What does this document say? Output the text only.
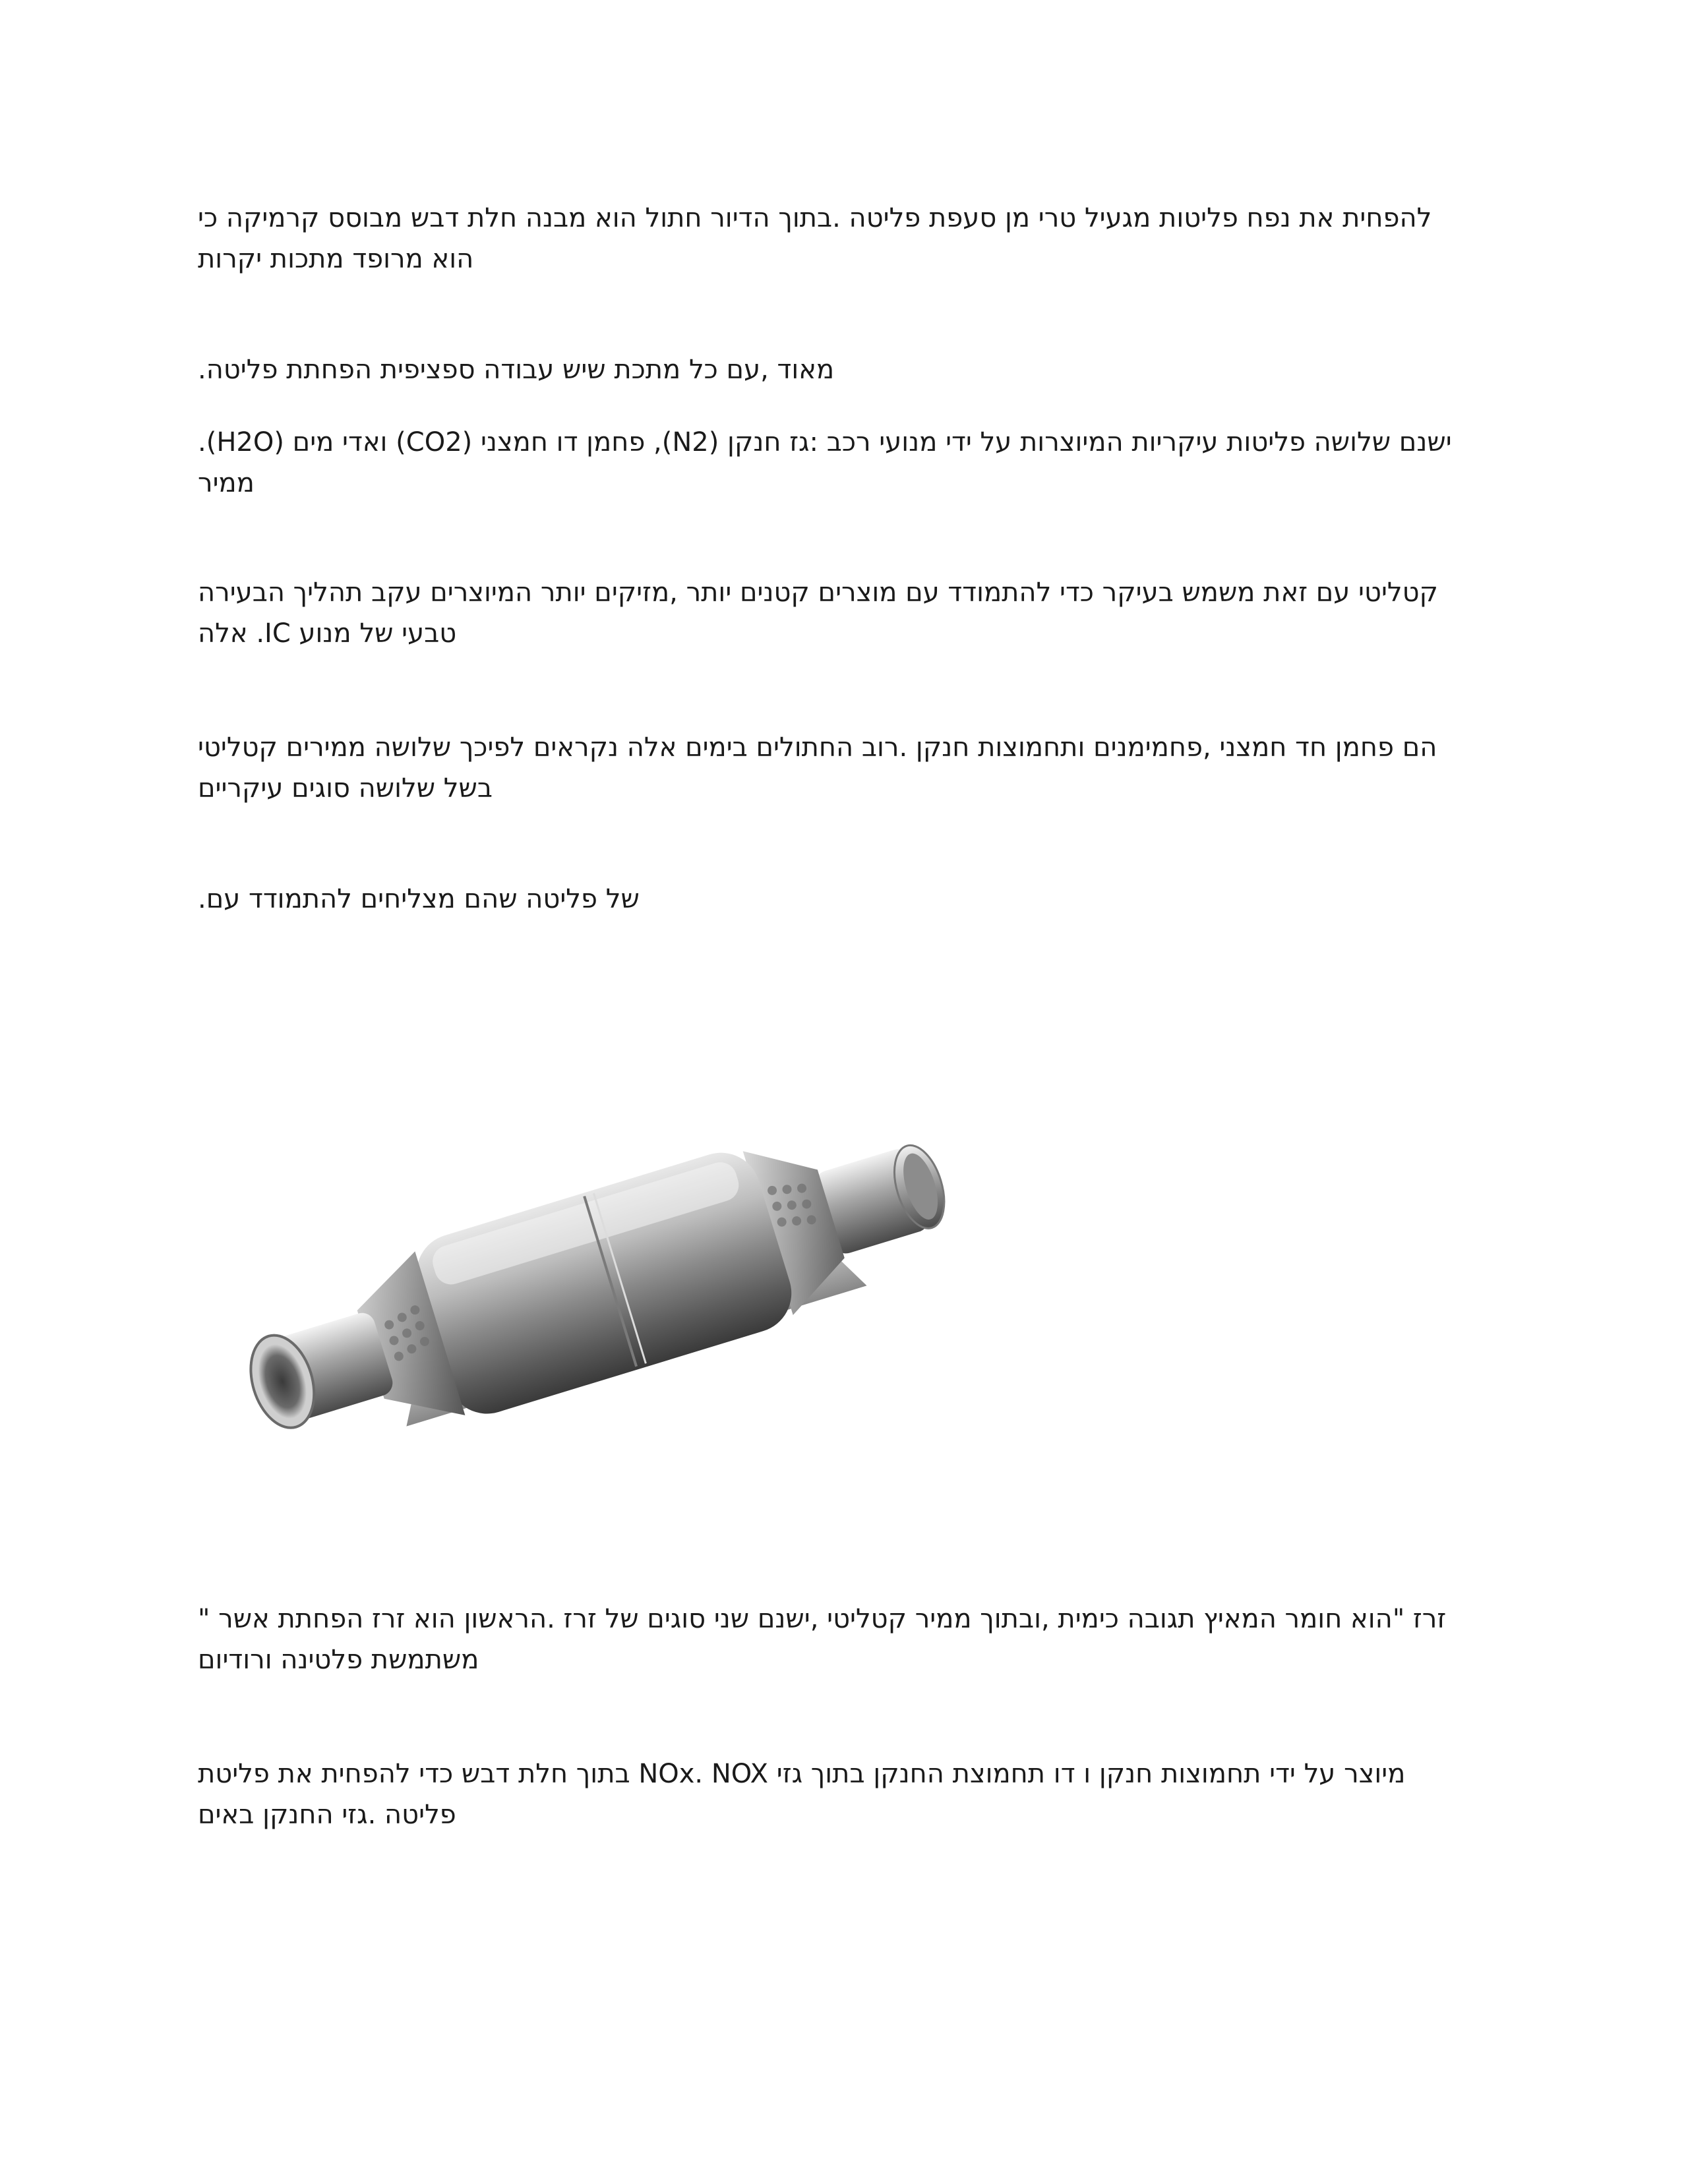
להפחית את נפח פליטות מגעיל טרי מן סעפת פליטה .בתוך הדיור חתול הוא מבנה חלת דבש מבוסס קרמיקה כי
הוא מרופד מתכות יקרות

מאוד ,עם כל מתכת שיש עבודה ספציפית הפחתת פליטה.

ישנם שלושה פליטות עיקריות המיוצרות על ידי מנועי רכב :גז חנקן (N2), פחמן דו חמצני (CO2) ואדי מים (H2O).
ממיר

קטליטי עם זאת משמש בעיקר כדי להתמודד עם מוצרים קטנים יותר ,מזיקים יותר המיוצרים עקב תהליך הבעירה
טבעי של מנוע IC. אלה

הם פחמן חד חמצני ,פחמימנים ותחמוצות חנקן .רוב החתולים בימים אלה נקראים לפיכך שלושה ממירים קטליטי
בשל שלושה סוגים עיקריים

של פליטה שהם מצליחים להתמודד עם.

זרז "הוא חומר המאיץ תגובה כימית ,ובתוך ממיר קטליטי ,ישנם שני סוגים של זרז .הראשון הוא זרז הפחתת אשר "
משתמשת פלטינה ורודיום

מיוצר על ידי תחמוצות חנקן ו דו תחמוצת החנקן בתוך גזי NOx. NOX בתוך חלת דבש כדי להפחית את פליטת
פליטה .גזי החנקן באים
